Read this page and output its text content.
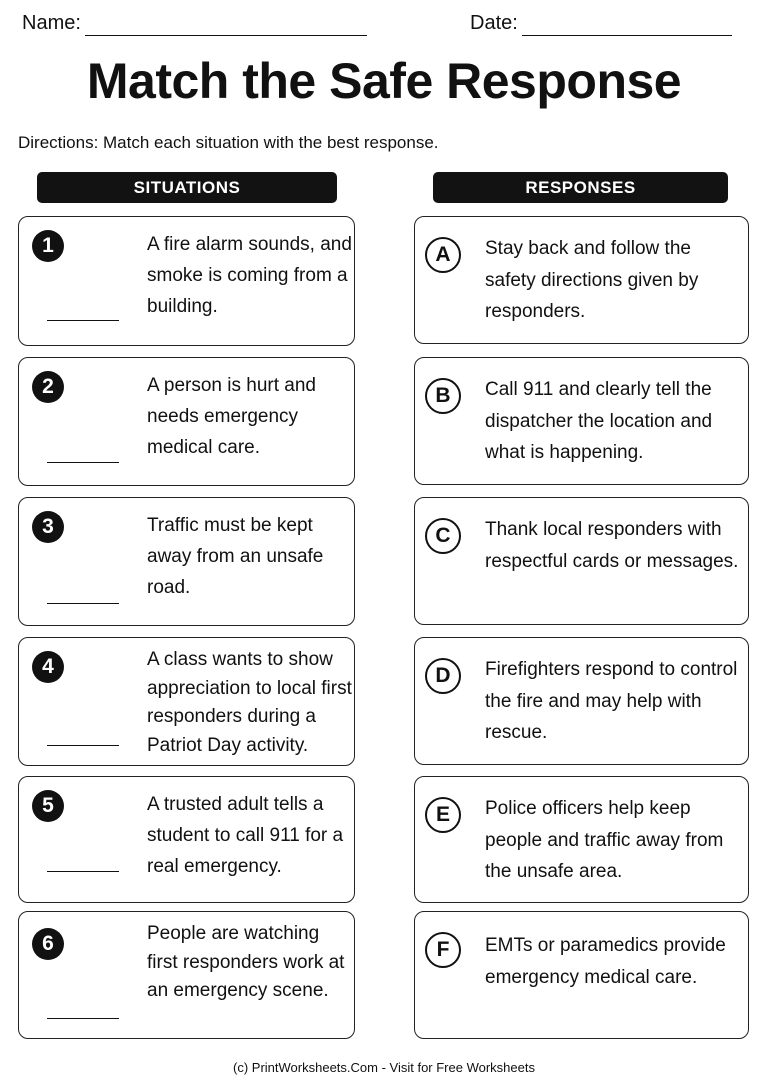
Name:	Date:
Match the Safe Response
Directions: Match each situation with the best response.
SITUATIONS	RESPONSES
1	A fire alarm sounds, and smoke is coming from a building.
2	A person is hurt and needs emergency medical care.
3	Traffic must be kept away from an unsafe road.
4	A class wants to show appreciation to local first responders during a Patriot Day activity.
5	A trusted adult tells a student to call 911 for a real emergency.
6	People are watching first responders work at an emergency scene.
A	Stay back and follow the safety directions given by responders.
B	Call 911 and clearly tell the dispatcher the location and what is happening.
C	Thank local responders with respectful cards or messages.
D	Firefighters respond to control the fire and may help with rescue.
E	Police officers help keep people and traffic away from the unsafe area.
F	EMTs or paramedics provide emergency medical care.
(c) PrintWorksheets.Com - Visit for Free Worksheets
